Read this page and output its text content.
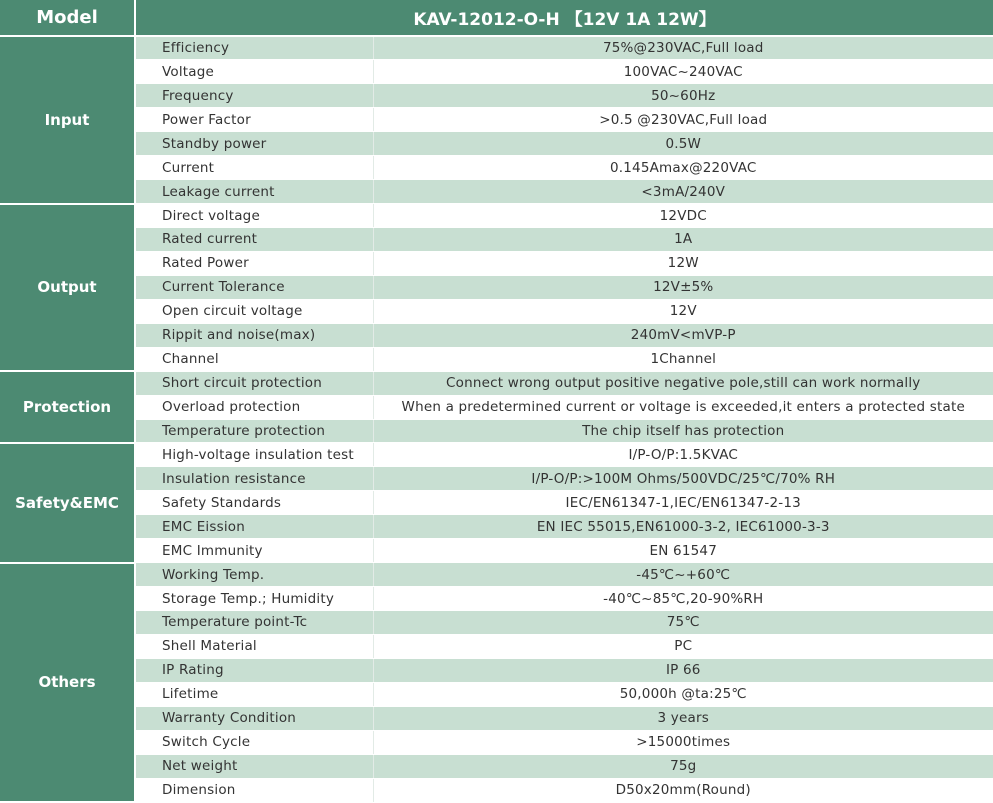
Model	KAV-12012-O-H 【12V 1A 12W】	
Input	Efficiency	75%@230VAC,Full load
	Voltage	100VAC~240VAC
	Frequency	50~60Hz
	Power Factor	>0.5 @230VAC,Full load
	Standby power	0.5W
	Current	0.145Amax@220VAC
	Leakage current	<3mA/240V
Output	Direct voltage	12VDC
	Rated current	1A
	Rated Power	12W
	Current Tolerance	12V±5%
	Open circuit voltage	12V
	Rippit and noise(max)	240mV<mVP-P
	Channel	1Channel
Protection	Short circuit protection	Connect wrong output positive negative pole,still can work normally
	Overload protection	When a predetermined current or voltage is exceeded,it enters a protected state
	Temperature protection	The chip itself has protection
Safety&EMC	High-voltage insulation test	I/P-O/P:1.5KVAC
	Insulation resistance	I/P-O/P:>100M Ohms/500VDC/25℃/70% RH
	Safety Standards	IEC/EN61347-1,IEC/EN61347-2-13
	EMC Eission	EN IEC 55015,EN61000-3-2, IEC61000-3-3
	EMC Immunity	EN 61547
Others	Working Temp.	-45℃~+60℃
	Storage Temp.; Humidity	-40℃~85℃,20-90%RH
	Temperature point-Tc	75℃
	Shell Material	PC
	IP Rating	IP 66
	Lifetime	50,000h @ta:25℃
	Warranty Condition	3 years
	Switch Cycle	>15000times
	Net weight	75g
	Dimension	D50x20mm(Round)
